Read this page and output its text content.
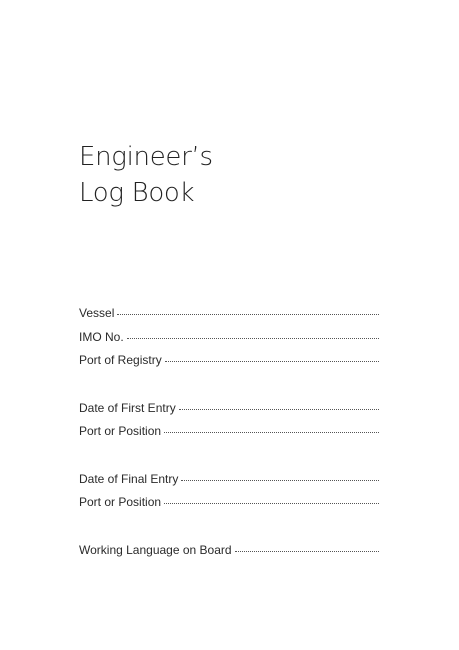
Engineer’s
Log Book
Vessel
IMO No.
Port of Registry
Date of First Entry
Port or Position
Date of Final Entry
Port or Position
Working Language on Board
